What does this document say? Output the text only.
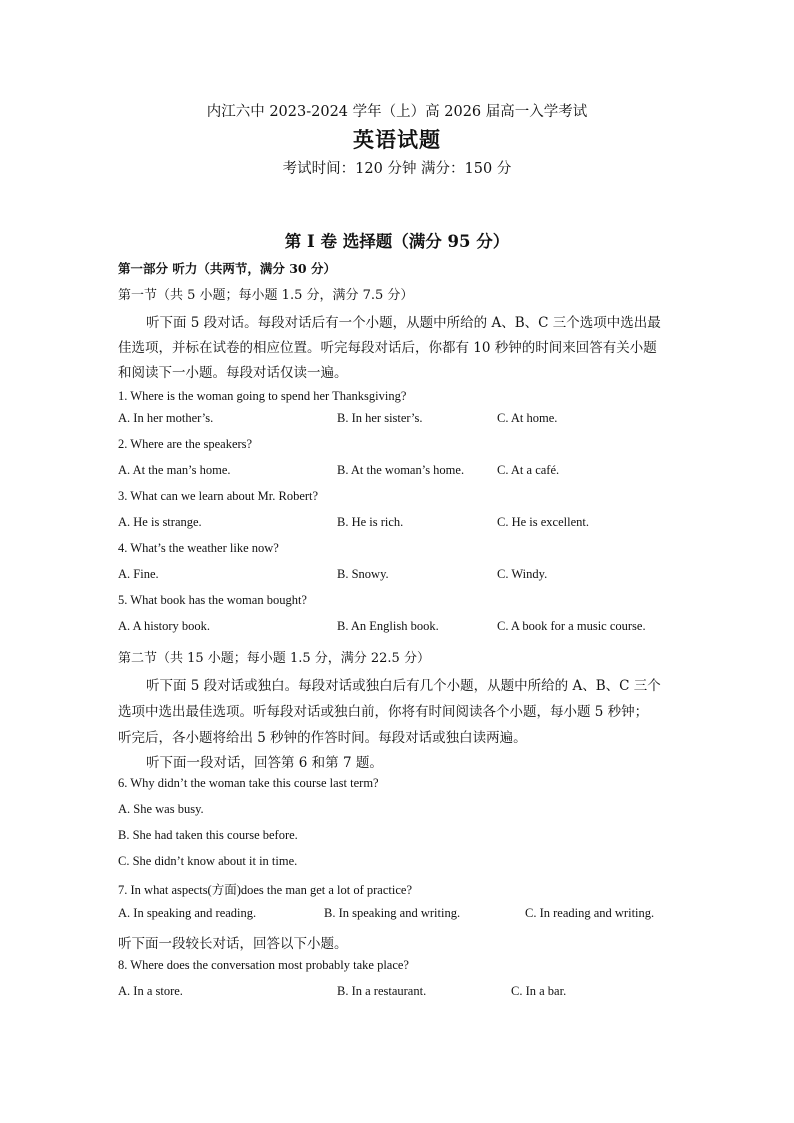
内江六中 2023-2024 学年（上）高 2026 届高一入学考试
英语试题
考试时间：120 分钟 满分：150 分
第 I 卷 选择题（满分 95 分）
第一部分 听力（共两节，满分 30 分）
第一节（共 5 小题；每小题 1.5 分，满分 7.5 分）
听下面 5 段对话。每段对话后有一个小题，从题中所给的 A、B、C 三个选项中选出最
佳选项，并标在试卷的相应位置。听完每段对话后，你都有 10 秒钟的时间来回答有关小题
和阅读下一小题。每段对话仅读一遍。
1. Where is the woman going to spend her Thanksgiving?
A. In her mother’s.	B. In her sister’s.	C. At home.
2. Where are the speakers?
A. At the man’s home.	B. At the woman’s home.	C. At a café.
3. What can we learn about Mr. Robert?
A. He is strange.	B. He is rich.	C. He is excellent.
4. What’s the weather like now?
A. Fine.	B. Snowy.	C. Windy.
5. What book has the woman bought?
A. A history book.	B. An English book.	C. A book for a music course.
第二节（共 15 小题；每小题 1.5 分，满分 22.5 分）
听下面 5 段对话或独白。每段对话或独白后有几个小题，从题中所给的 A、B、C 三个
选项中选出最佳选项。听每段对话或独白前，你将有时间阅读各个小题，每小题 5 秒钟；
听完后，各小题将给出 5 秒钟的作答时间。每段对话或独白读两遍。
听下面一段对话，回答第 6 和第 7 题。
6. Why didn’t the woman take this course last term?
A. She was busy.
B. She had taken this course before.
C. She didn’t know about it in time.
7. In what aspects(方面)does the man get a lot of practice?
A. In speaking and reading.	B. In speaking and writing.	C. In reading and writing.
听下面一段较长对话，回答以下小题。
8. Where does the conversation most probably take place?
A. In a store.	B. In a restaurant.	C. In a bar.
